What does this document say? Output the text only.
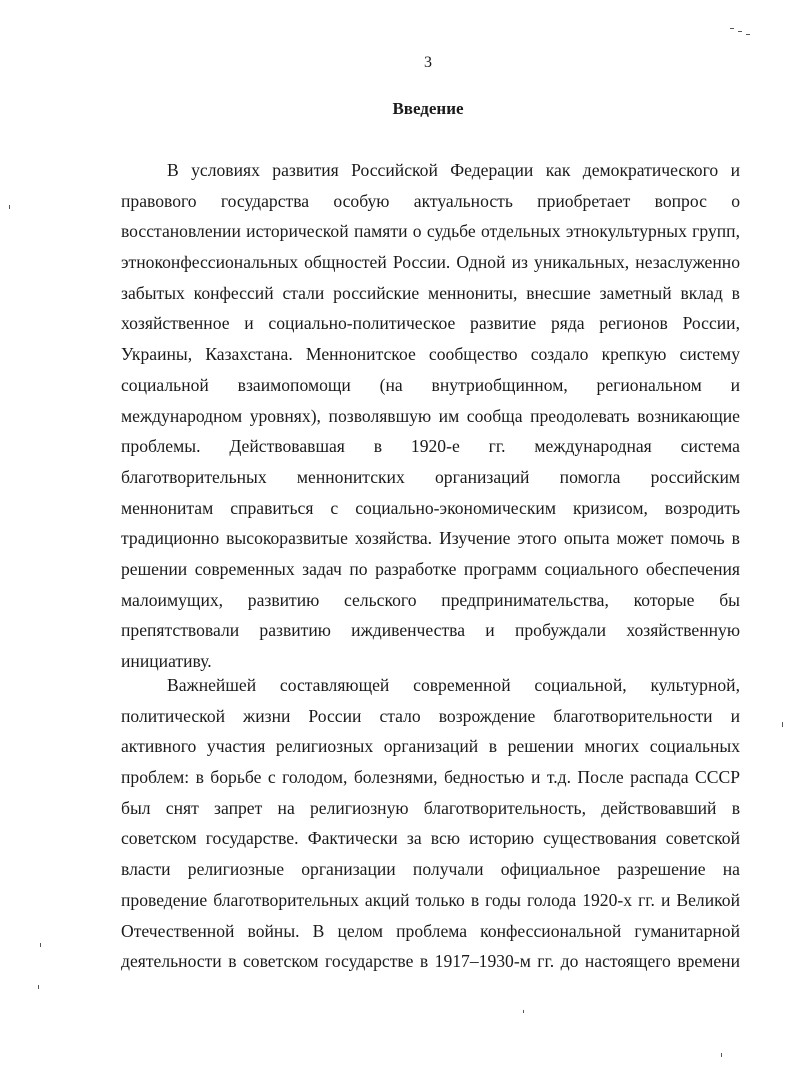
3
Введение
В условиях развития Российской Федерации как демократического и
правового государства особую актуальность приобретает вопрос о
восстановлении исторической памяти о судьбе отдельных этнокультурных групп,
этноконфессиональных общностей России. Одной из уникальных, незаслуженно
забытых конфессий стали российские меннониты, внесшие заметный вклад в
хозяйственное и социально-политическое развитие ряда регионов России,
Украины, Казахстана. Меннонитское сообщество создало крепкую систему
социальной взаимопомощи (на внутриобщинном, региональном и
международном уровнях), позволявшую им сообща преодолевать возникающие
проблемы. Действовавшая в 1920-е гг. международная система
благотворительных меннонитских организаций помогла российским
меннонитам справиться с социально-экономическим кризисом, возродить
традиционно высокоразвитые хозяйства. Изучение этого опыта может помочь в
решении современных задач по разработке программ социального обеспечения
малоимущих, развитию сельского предпринимательства, которые бы
препятствовали развитию иждивенчества и пробуждали хозяйственную
инициативу.
Важнейшей составляющей современной социальной, культурной,
политической жизни России стало возрождение благотворительности и
активного участия религиозных организаций в решении многих социальных
проблем: в борьбе с голодом, болезнями, бедностью и т.д. После распада СССР
был снят запрет на религиозную благотворительность, действовавший в
советском государстве. Фактически за всю историю существования советской
власти религиозные организации получали официальное разрешение на
проведение благотворительных акций только в годы голода 1920-х гг. и Великой
Отечественной войны. В целом проблема конфессиональной гуманитарной
деятельности в советском государстве в 1917–1930-м гг. до настоящего времени
